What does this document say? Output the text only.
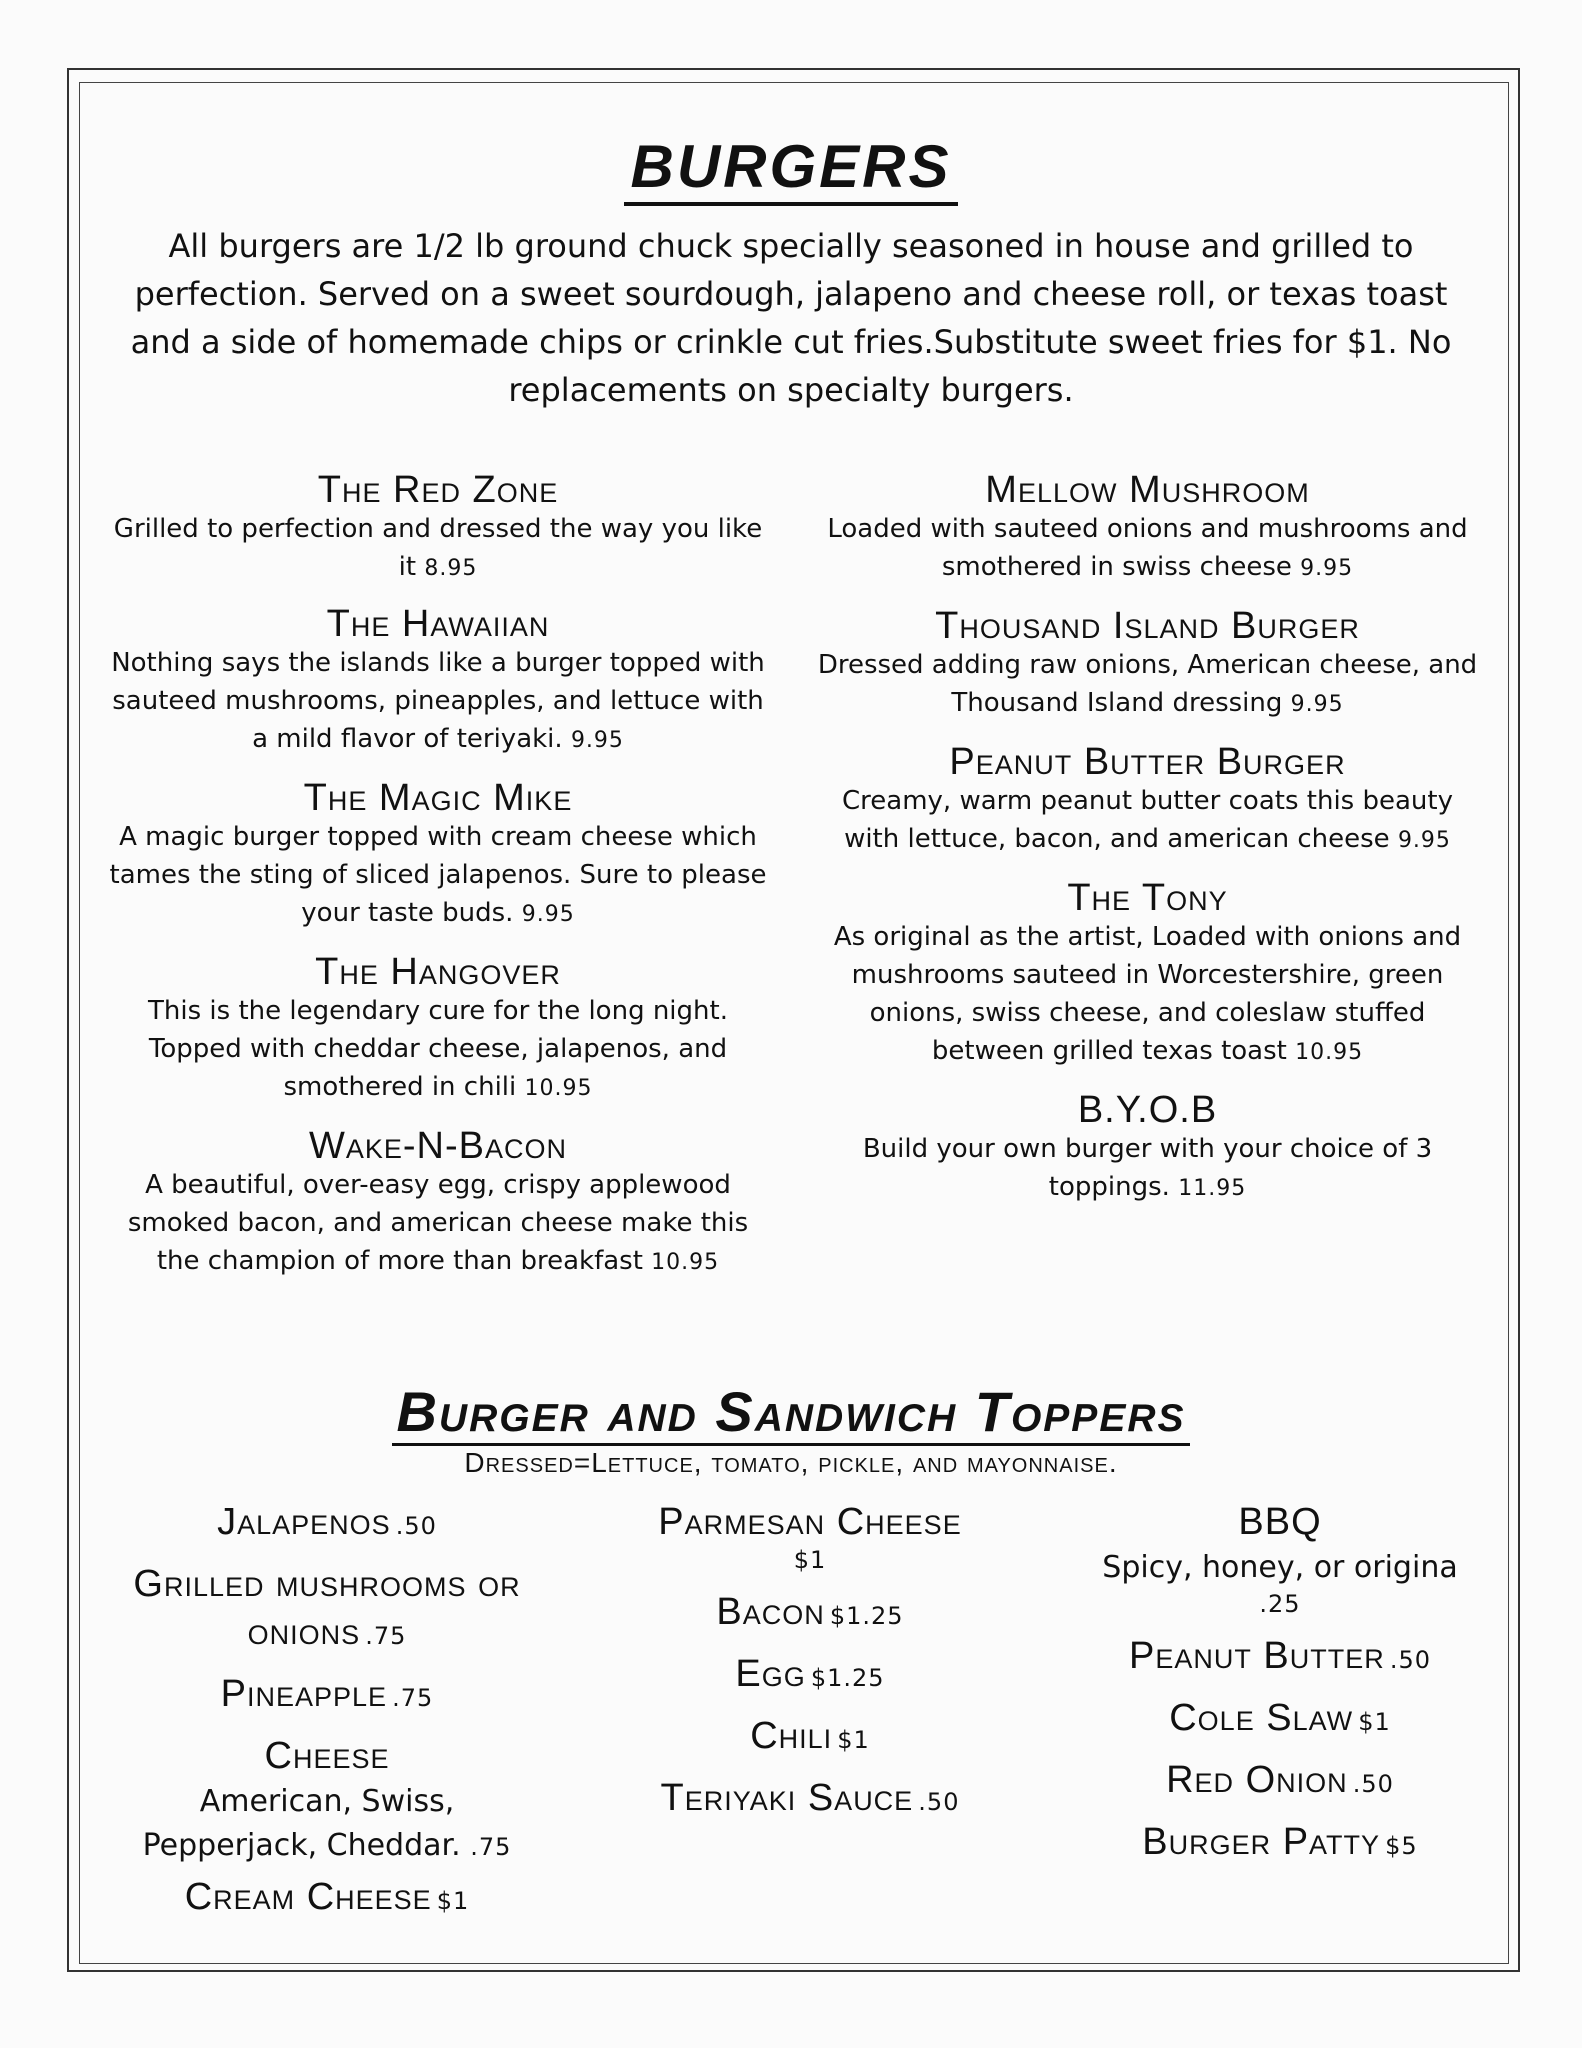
BURGERS
All burgers are 1/2 lb ground chuck specially seasoned in house and grilled to perfection. Served on a sweet sourdough, jalapeno and cheese roll, or texas toast and a side of homemade chips or crinkle cut fries.Substitute sweet fries for $1. No replacements on specialty burgers.
The Red Zone
Grilled to perfection and dressed the way you like it 8.95
The Hawaiian
Nothing says the islands like a burger topped with sauteed mushrooms, pineapples, and lettuce with a mild flavor of teriyaki. 9.95
The Magic Mike
A magic burger topped with cream cheese which tames the sting of sliced jalapenos. Sure to please your taste buds. 9.95
The Hangover
This is the legendary cure for the long night. Topped with cheddar cheese, jalapenos, and smothered in chili 10.95
Wake-N-Bacon
A beautiful, over-easy egg, crispy applewood smoked bacon, and american cheese make this the champion of more than breakfast 10.95
Mellow Mushroom
Loaded with sauteed onions and mushrooms and smothered in swiss cheese 9.95
Thousand Island Burger
Dressed adding raw onions, American cheese, and Thousand Island dressing 9.95
Peanut Butter Burger
Creamy, warm peanut butter coats this beauty with lettuce, bacon, and american cheese 9.95
The Tony
As original as the artist, Loaded with onions and mushrooms sauteed in Worcestershire, green onions, swiss cheese, and coleslaw stuffed between grilled texas toast 10.95
B.Y.O.B
Build your own burger with your choice of 3 toppings. 11.95
Burger and Sandwich Toppers
Dressed=Lettuce, tomato, pickle, and mayonnaise.
Jalapenos .50
Grilled mushrooms or onions .75
Pineapple .75
Cheese
American, Swiss, Pepperjack, Cheddar. .75
Cream Cheese $1
Parmesan Cheese
$1
Bacon $1.25
Egg $1.25
Chili $1
Teriyaki Sauce .50
BBQ
Spicy, honey, or origina
.25
Peanut Butter .50
Cole Slaw $1
Red Onion .50
Burger Patty $5
